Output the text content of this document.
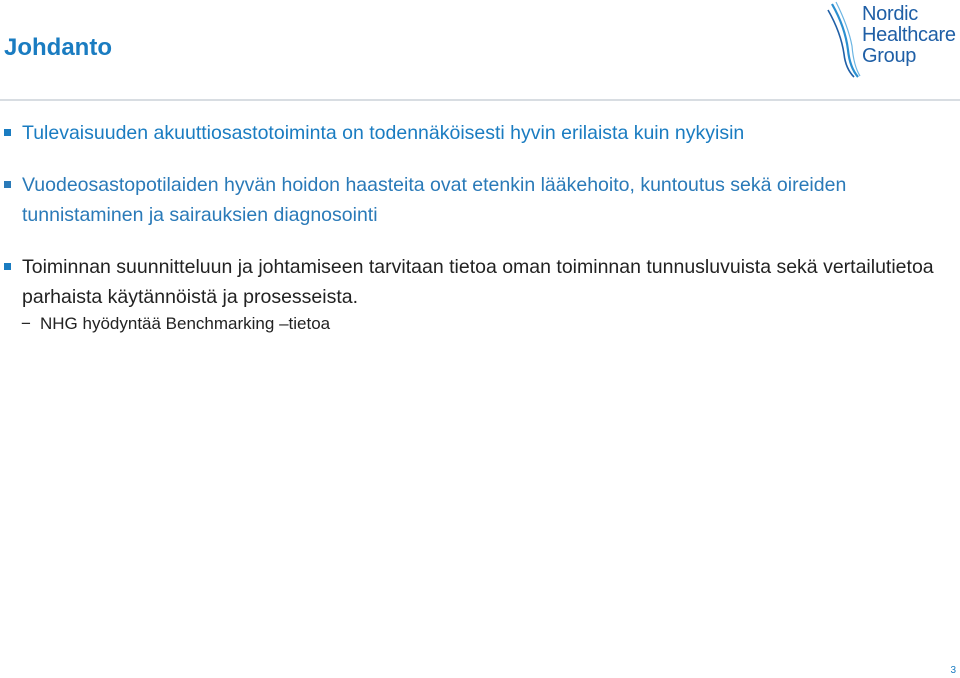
Johdanto
Nordic
Healthcare
Group
Tulevaisuuden akuuttiosastotoiminta on todennäköisesti hyvin erilaista kuin nykyisin
Vuodeosastopotilaiden hyvän hoidon haasteita ovat etenkin lääkehoito, kuntoutus sekä oireiden tunnistaminen ja sairauksien diagnosointi
Toiminnan suunnitteluun ja johtamiseen tarvitaan tietoa oman toiminnan tunnusluvuista sekä vertailutietoa parhaista käytännöistä ja prosesseista.
− NHG hyödyntää Benchmarking –tietoa
3
